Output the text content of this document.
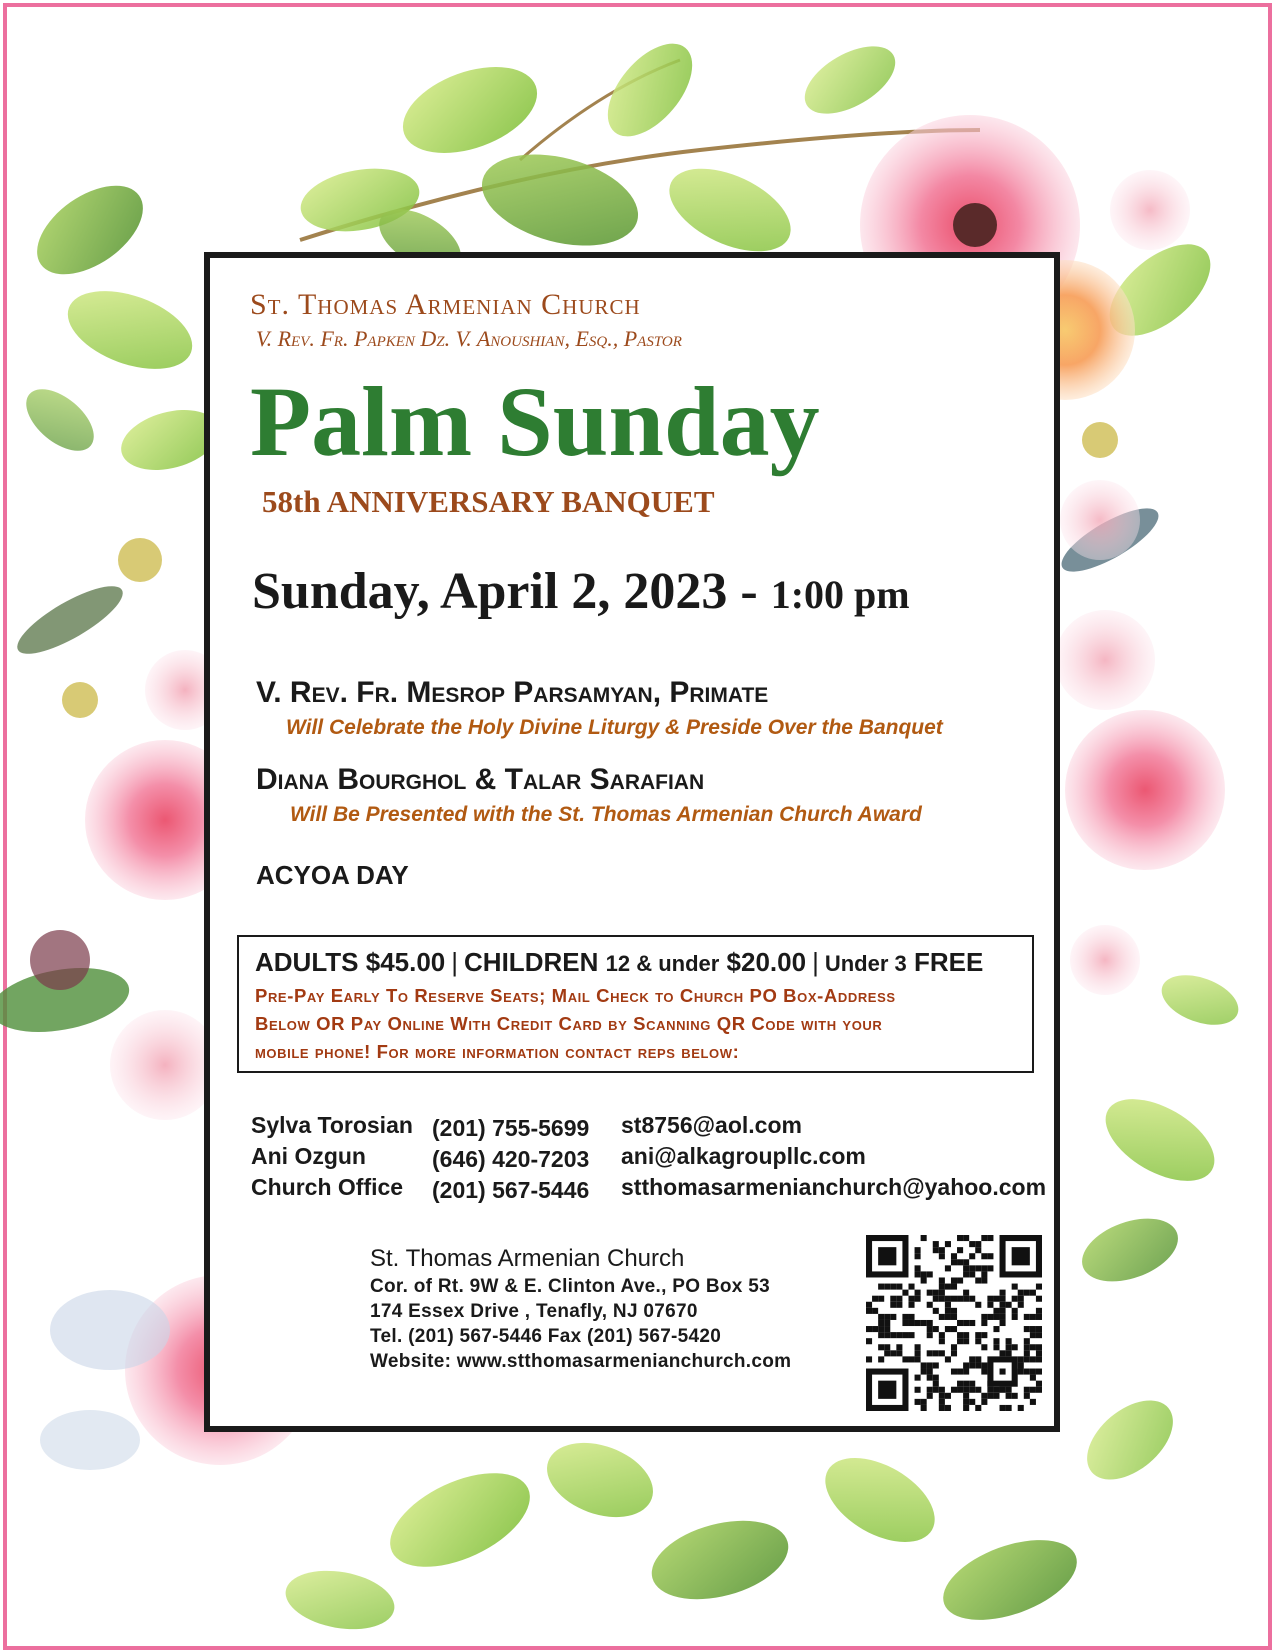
St. Thomas Armenian Church
V. Rev. Fr. Papken Dz. V. Anoushian, Esq., Pastor
Palm Sunday
58th ANNIVERSARY BANQUET
Sunday, April 2, 2023 - 1:00 pm
V. Rev. Fr. Mesrop Parsamyan, Primate
Will Celebrate the Holy Divine Liturgy & Preside Over the Banquet
Diana Bourghol & Talar Sarafian
Will Be Presented with the St. Thomas Armenian Church Award
ACYOA DAY
ADULTS $45.00 | CHILDREN 12 & under $20.00 | Under 3 FREE
Pre-Pay Early To Reserve Seats; Mail Check to Church PO Box-Address
Below OR Pay Online With Credit Card by Scanning QR Code with your
mobile phone! For more information contact reps below:
Sylva Torosian (201) 755-5699 st8756@aol.com
Ani Ozgun	(646) 420-7203 ani@alkagroupllc.com
Church Office (201) 567-5446 stthomasarmenianchurch@yahoo.com
St. Thomas Armenian Church
Cor. of Rt. 9W & E. Clinton Ave., PO Box 53
174 Essex Drive , Tenafly, NJ 07670
Tel. (201) 567-5446 Fax (201) 567-5420
Website: www.stthomasarmenianchurch.com
